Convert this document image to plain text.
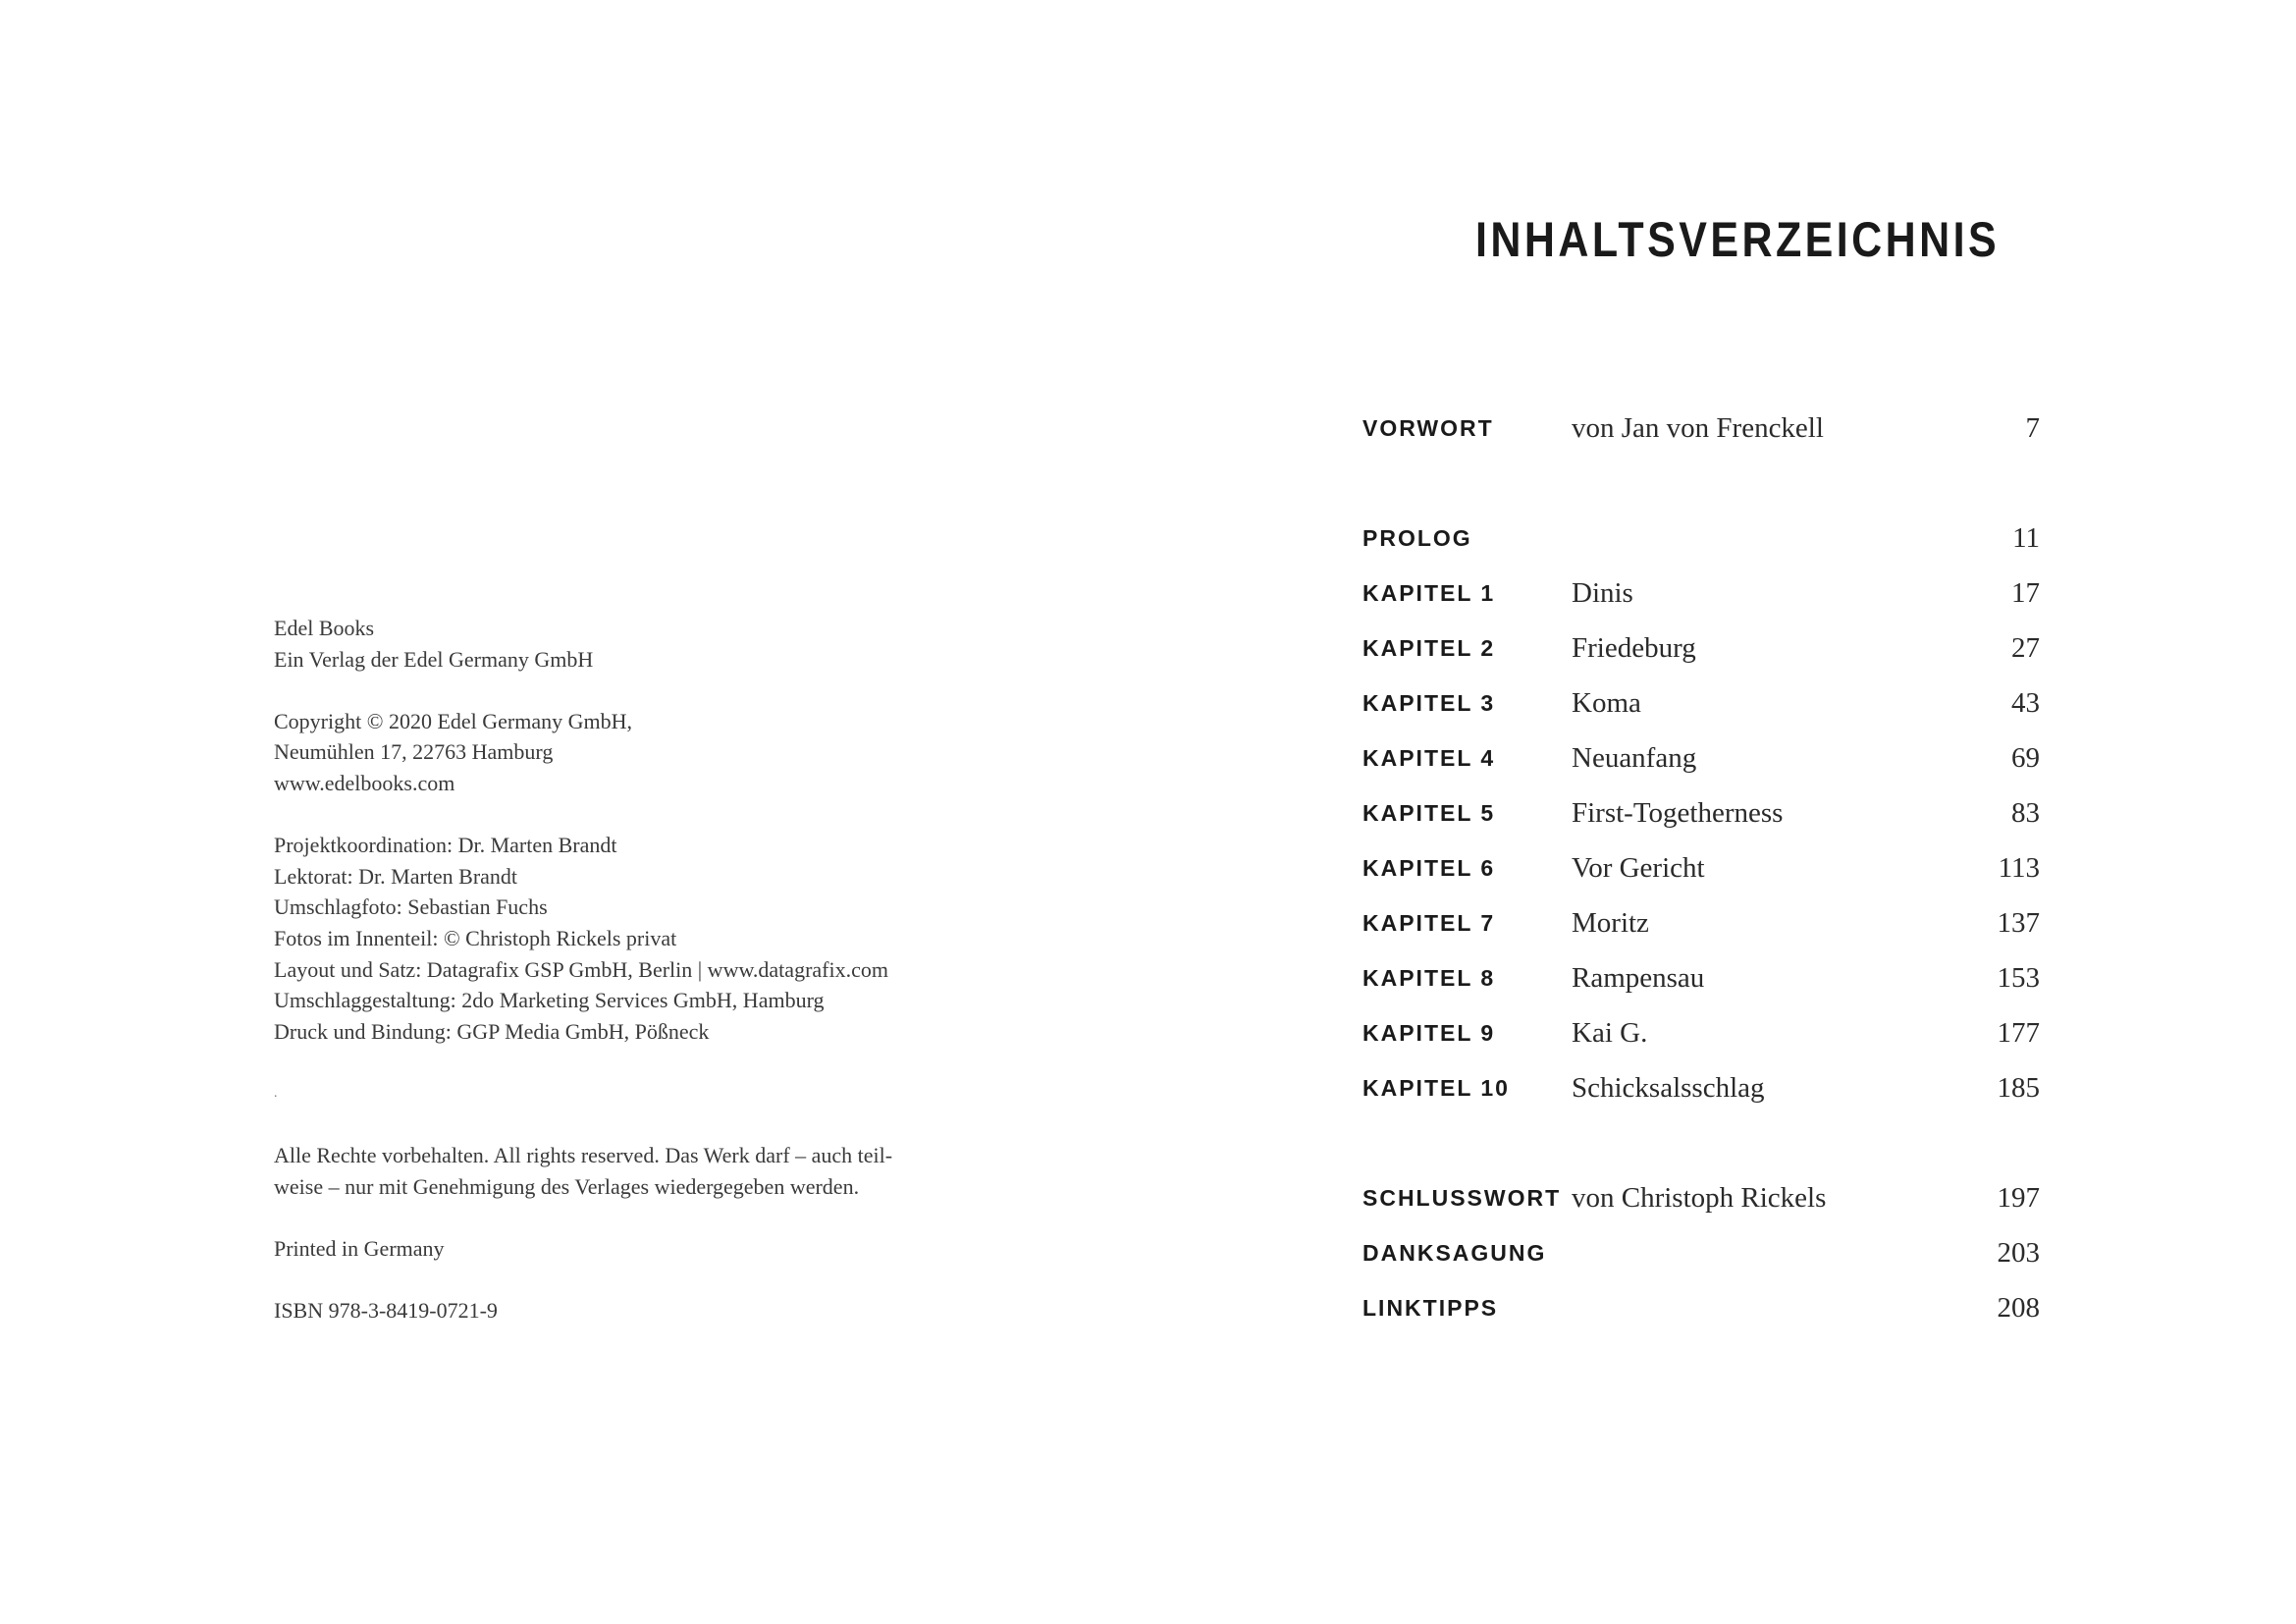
Edel Books
Ein Verlag der Edel Germany GmbH
Copyright © 2020 Edel Germany GmbH,
Neumühlen 17, 22763 Hamburg
www.edelbooks.com
Projektkoordination: Dr. Marten Brandt
Lektorat: Dr. Marten Brandt
Umschlagfoto: Sebastian Fuchs
Fotos im Innenteil: © Christoph Rickels privat
Layout und Satz: Datagrafix GSP GmbH, Berlin | www.datagrafix.com
Umschlaggestaltung: 2do Marketing Services GmbH, Hamburg
Druck und Bindung: GGP Media GmbH, Pößneck
.
Alle Rechte vorbehalten. All rights reserved. Das Werk darf – auch teil-
weise – nur mit Genehmigung des Verlages wiedergegeben werden.
Printed in Germany
ISBN 978-3-8419-0721-9
INHALTSVERZEICHNIS
VORWORT	von Jan von Frenckell	7
PROLOG	11
KAPITEL 1	Dinis	17
KAPITEL 2	Friedeburg	27
KAPITEL 3	Koma	43
KAPITEL 4	Neuanfang	69
KAPITEL 5	First-Togetherness	83
KAPITEL 6	Vor Gericht	113
KAPITEL 7	Moritz	137
KAPITEL 8	Rampensau	153
KAPITEL 9	Kai G.	177
KAPITEL 10 Schicksalsschlag	185
SCHLUSSWORT von Christoph Rickels	197
DANKSAGUNG	203
LINKTIPPS	208
